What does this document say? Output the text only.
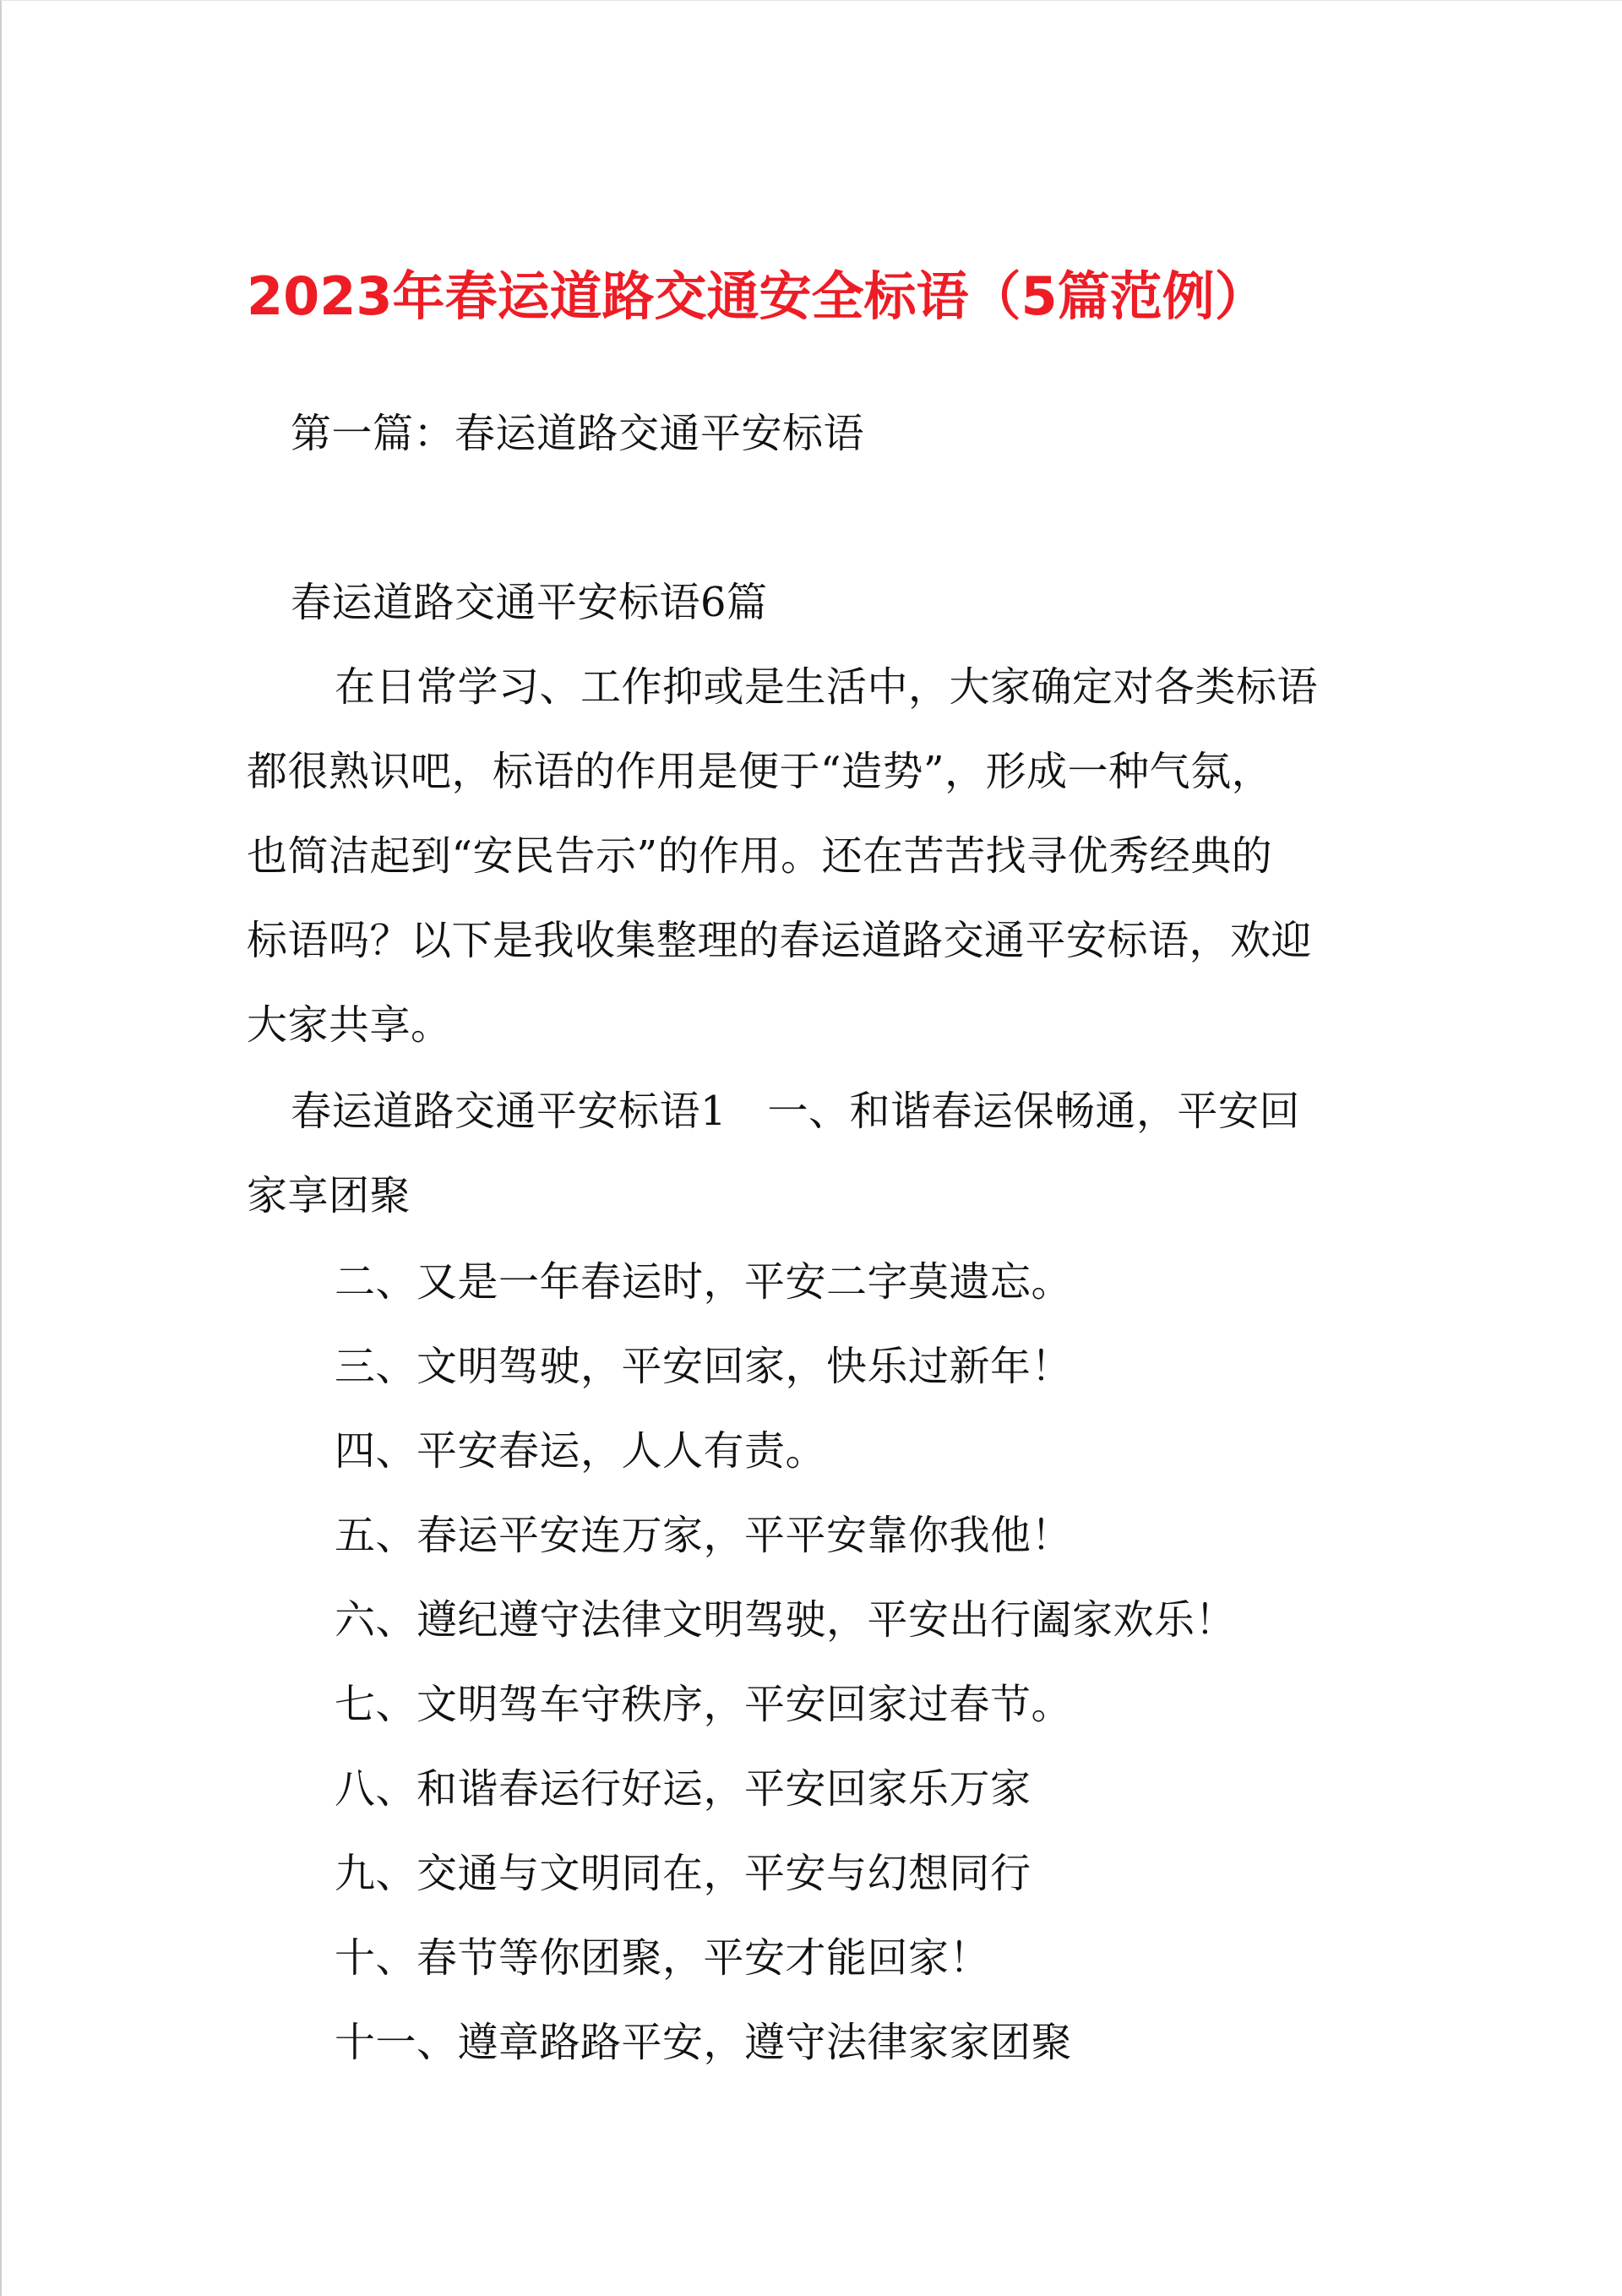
2023年春运道路交通安全标语（5篇范例）

第一篇：春运道路交通平安标语

春运道路交通平安标语6篇

在日常学习、工作抑或是生活中，大家确定对各类标语

都很熟识吧，标语的作用是便于“造势”，形成一种气氛，

也简洁起到“安民告示”的作用。还在苦苦找寻优秀经典的

标语吗？以下是我收集整理的春运道路交通平安标语，欢迎

大家共享。

春运道路交通平安标语1　一、和谐春运保畅通，平安回

家享团聚

二、又是一年春运时，平安二字莫遗忘。

三、文明驾驶，平安回家，快乐过新年！

四、平安春运，人人有责。

五、春运平安连万家，平平安靠你我他！

六、遵纪遵守法律文明驾驶，平安出行阖家欢乐！

七、文明驾车守秩序，平安回家过春节。

八、和谐春运行好运，平安回家乐万家

九、交通与文明同在，平安与幻想同行

十、春节等你团聚，平安才能回家！

十一、遵章路路平安，遵守法律家家团聚
